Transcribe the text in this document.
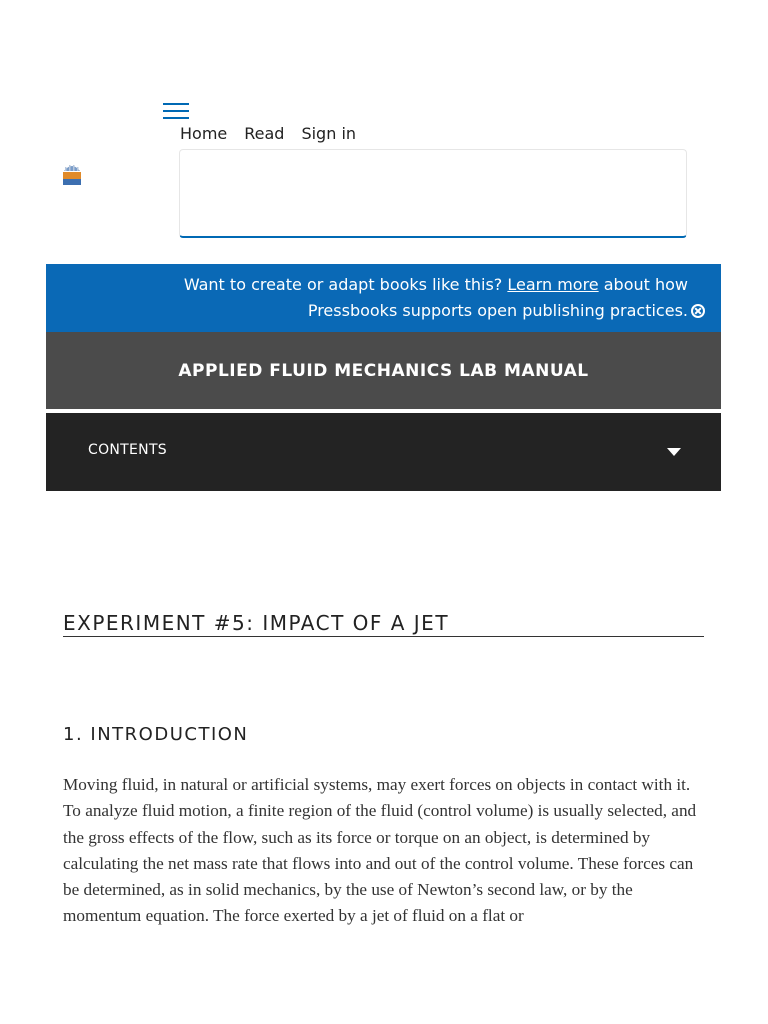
Home Read Sign in
Want to create or adapt books like this? Learn more about how Pressbooks supports open publishing practices.
APPLIED FLUID MECHANICS LAB MANUAL
CONTENTS
EXPERIMENT #5: IMPACT OF A JET
1. INTRODUCTION

Moving fluid, in natural or artificial systems, may exert forces on objects in contact with it. To analyze fluid motion, a finite region of the fluid (control volume) is usually selected, and the gross effects of the flow, such as its force or torque on an object, is determined by calculating the net mass rate that flows into and out of the control volume. These forces can be determined, as in solid mechanics, by the use of Newton’s second law, or by the momentum equation. The force exerted by a jet of fluid on a flat or
